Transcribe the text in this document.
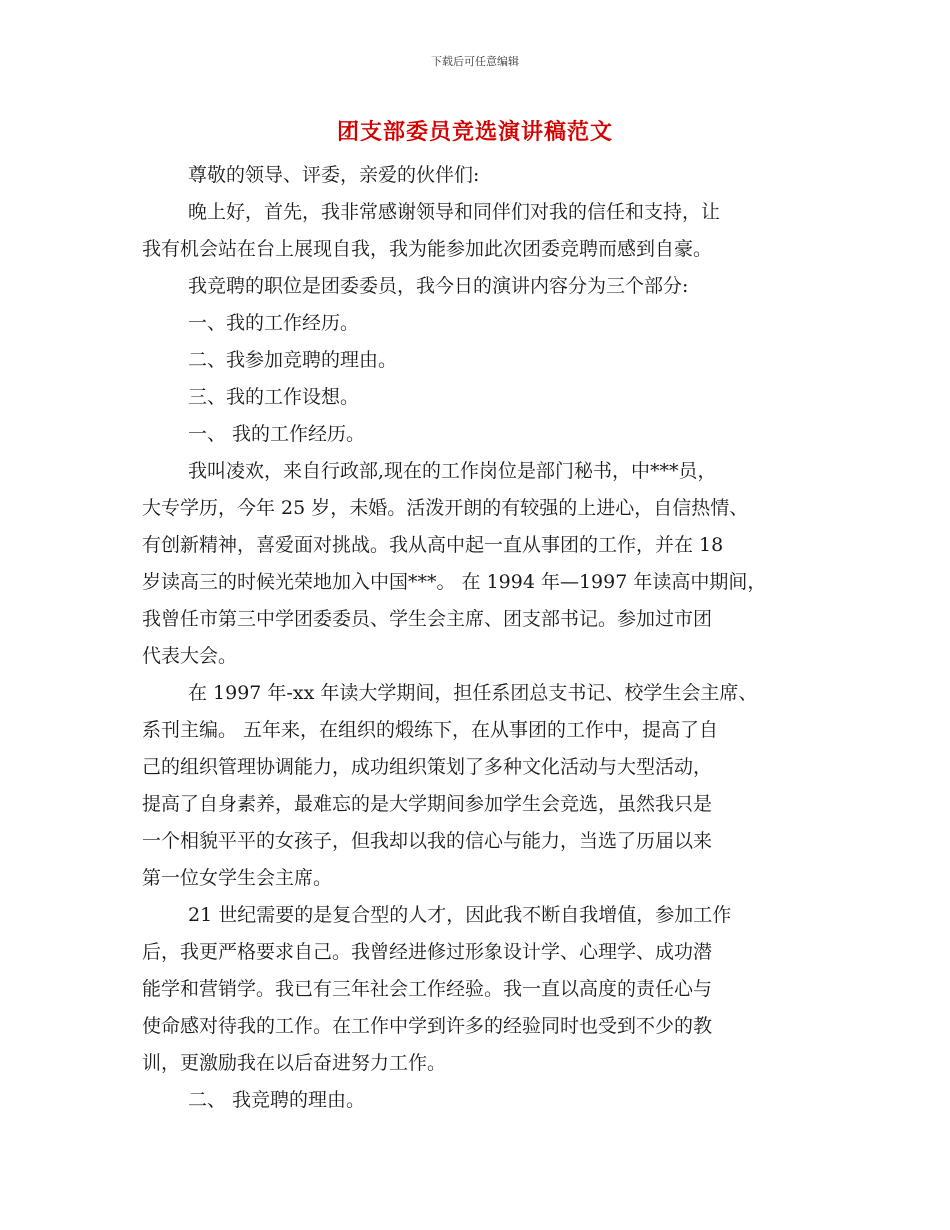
下载后可任意编辑
团支部委员竞选演讲稿范文
尊敬的领导、评委，亲爱的伙伴们:
晚上好，首先，我非常感谢领导和同伴们对我的信任和支持，让
我有机会站在台上展现自我，我为能参加此次团委竞聘而感到自豪。
我竞聘的职位是团委委员，我今日的演讲内容分为三个部分:
一、我的工作经历。
二、我参加竞聘的理由。
三、我的工作设想。
一、 我的工作经历。
我叫凌欢，来自行政部,现在的工作岗位是部门秘书，中***员，
大专学历，今年 25 岁，未婚。活泼开朗的有较强的上进心，自信热情、
有创新精神，喜爱面对挑战。我从高中起一直从事团的工作，并在 18
岁读高三的时候光荣地加入中国***。 在 1994 年—1997 年读高中期间，
我曾任市第三中学团委委员、学生会主席、团支部书记。参加过市团
代表大会。
在 1997 年-xx 年读大学期间，担任系团总支书记、校学生会主席、
系刊主编。 五年来，在组织的煅练下，在从事团的工作中，提高了自
己的组织管理协调能力，成功组织策划了多种文化活动与大型活动，
提高了自身素养，最难忘的是大学期间参加学生会竞选，虽然我只是
一个相貌平平的女孩子，但我却以我的信心与能力，当选了历届以来
第一位女学生会主席。
21 世纪需要的是复合型的人才，因此我不断自我增值，参加工作
后，我更严格要求自己。我曾经进修过形象设计学、心理学、成功潜
能学和营销学。我已有三年社会工作经验。我一直以高度的责任心与
使命感对待我的工作。在工作中学到许多的经验同时也受到不少的教
训，更激励我在以后奋进努力工作。
二、 我竞聘的理由。
